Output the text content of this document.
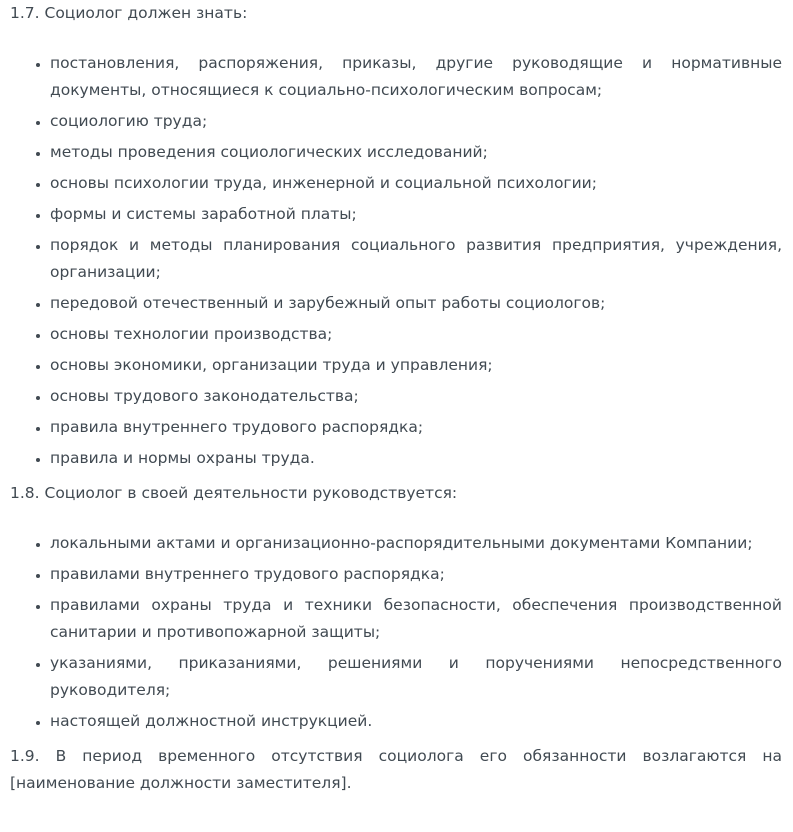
1.7. Социолог должен знать:

• постановления, распоряжения, приказы, другие руководящие и нормативные документы, относящиеся к социально-психологическим вопросам;
• социологию труда;
• методы проведения социологических исследований;
• основы психологии труда, инженерной и социальной психологии;
• формы и системы заработной платы;
• порядок и методы планирования социального развития предприятия, учреждения, организации;
• передовой отечественный и зарубежный опыт работы социологов;
• основы технологии производства;
• основы экономики, организации труда и управления;
• основы трудового законодательства;
• правила внутреннего трудового распорядка;
• правила и нормы охраны труда.

1.8. Социолог в своей деятельности руководствуется:

• локальными актами и организационно-распорядительными документами Компании;
• правилами внутреннего трудового распорядка;
• правилами охраны труда и техники безопасности, обеспечения производственной санитарии и противопожарной защиты;
• указаниями, приказаниями, решениями и поручениями непосредственного руководителя;
• настоящей должностной инструкцией.

1.9. В период временного отсутствия социолога его обязанности возлагаются на [наименование должности заместителя].
